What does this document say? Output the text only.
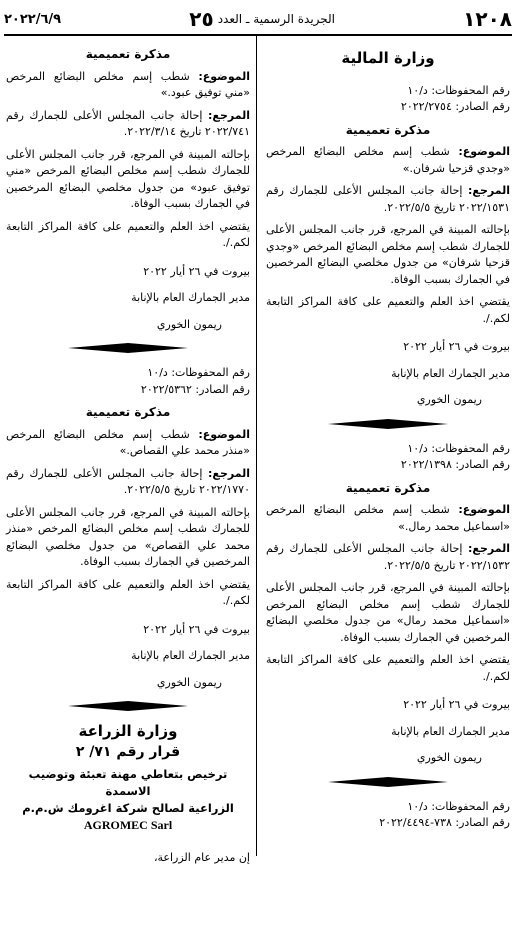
٢٠٢٢/٦/٩	الجريدة الرسمية ـ العدد
٢٥	١٢٠٨
وزارة المالية
رقم المحفوظات: د/١٠
رقم الصادر: ٢٠٢٢/٢٧٥٤
مذكرة تعميمية

الموضوع: شطب إسم مخلص البضائع المرخص «وجدي قزحيا شرفان.»

المرجع: إحالة جانب المجلس الأعلى للجمارك رقم ٢٠٢٢/١٥٣١ تاريخ ٢٠٢٢/٥/٥.

بإحالته المبينة في المرجع، قرر جانب المجلس الأعلى للجمارك شطب إسم مخلص البضائع المرخص «وجدي قزحيا شرفان» من جدول مخلصي البضائع المرخصين في الجمارك بسبب الوفاة.

يقتضي اخذ العلم والتعميم على كافة المراكز التابعة لكم./.

بيروت في ٢٦ أيار ٢٠٢٢
مدير الجمارك العام بالإنابة
ريمون الخوري
رقم المحفوظات: د/١٠
رقم الصادر: ٢٠٢٢/١٣٩٨
مذكرة تعميمية

الموضوع: شطب إسم مخلص البضائع المرخص «اسماعيل محمد رمال.»

المرجع: إحالة جانب المجلس الأعلى للجمارك رقم ٢٠٢٢/١٥٣٢ تاريخ ٢٠٢٢/٥/٥.

بإحالته المبينة في المرجع، قرر جانب المجلس الأعلى للجمارك شطب إسم مخلص البضائع المرخص «اسماعيل محمد رمال» من جدول مخلصي البضائع المرخصين في الجمارك بسبب الوفاة.

يقتضي اخذ العلم والتعميم على كافة المراكز التابعة لكم./.

بيروت في ٢٦ أيار ٢٠٢٢
مدير الجمارك العام بالإنابة
ريمون الخوري
رقم المحفوظات: د/١٠
رقم الصادر: ٧٣٨-٢٠٢٢/٤٤٩٤
مذكرة تعميمية

الموضوع: شطب إسم مخلص البضائع المرخص «مني توفيق عبود.»

المرجع: إحالة جانب المجلس الأعلى للجمارك رقم ٢٠٢٢/٧٤١ تاريخ ٢٠٢٢/٣/١٤.

بإحالته المبينة في المرجع، قرر جانب المجلس الأعلى للجمارك شطب إسم مخلص البضائع المرخص «مني توفيق عبود» من جدول مخلصي البضائع المرخصين في الجمارك بسبب الوفاة.

يقتضي اخذ العلم والتعميم على كافة المراكز التابعة لكم./.

بيروت في ٢٦ أيار ٢٠٢٢
مدير الجمارك العام بالإنابة
ريمون الخوري
رقم المحفوظات: د/١٠
رقم الصادر: ٢٠٢٢/٥٣٦٢
مذكرة تعميمية

الموضوع: شطب إسم مخلص البضائع المرخص «منذر محمد علي القصاص.»

المرجع: إحالة جانب المجلس الأعلى للجمارك رقم ٢٠٢٢/١٧٧٠ تاريخ ٢٠٢٢/٥/٥.

بإحالته المبينة في المرجع، قرر جانب المجلس الأعلى للجمارك شطب إسم مخلص البضائع المرخص «منذر محمد علي القصاص» من جدول مخلصي البضائع المرخصين في الجمارك بسبب الوفاة.

يقتضي اخذ العلم والتعميم على كافة المراكز التابعة لكم./.

بيروت في ٢٦ أيار ٢٠٢٢
مدير الجمارك العام بالإنابة
ريمون الخوري
وزارة الزراعة
قرار رقم ٧١/ ٢
ترخيص بتعاطي مهنة تعبئة وتوضيب الاسمدة
الزراعية لصالح شركة اغرومك ش.م.م
AGROMEC Sarl

إن مدير عام الزراعة،
